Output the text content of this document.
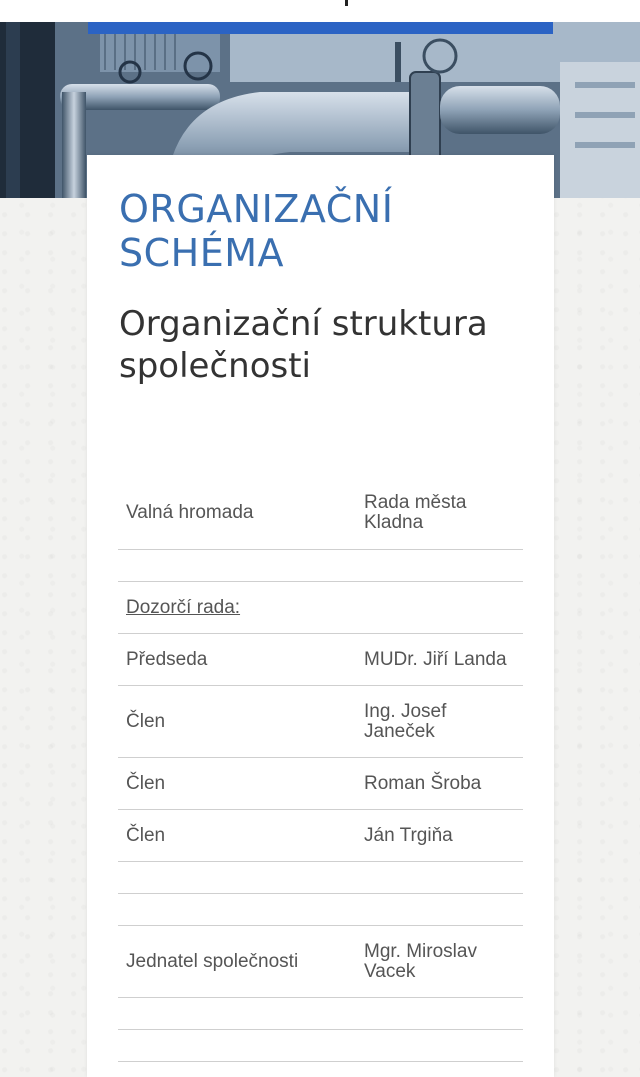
ORGANIZAČNÍ
SCHÉMA
Organizační struktura
společnosti
Valná hromada	Rada města
Kladna
Dozorčí rada:
Předseda	MUDr. Jiří Landa
Člen	Ing. Josef
Janeček
Člen	Roman Šroba
Člen	Ján Trgiňa
Jednatel společnosti	Mgr. Miroslav
Vacek
